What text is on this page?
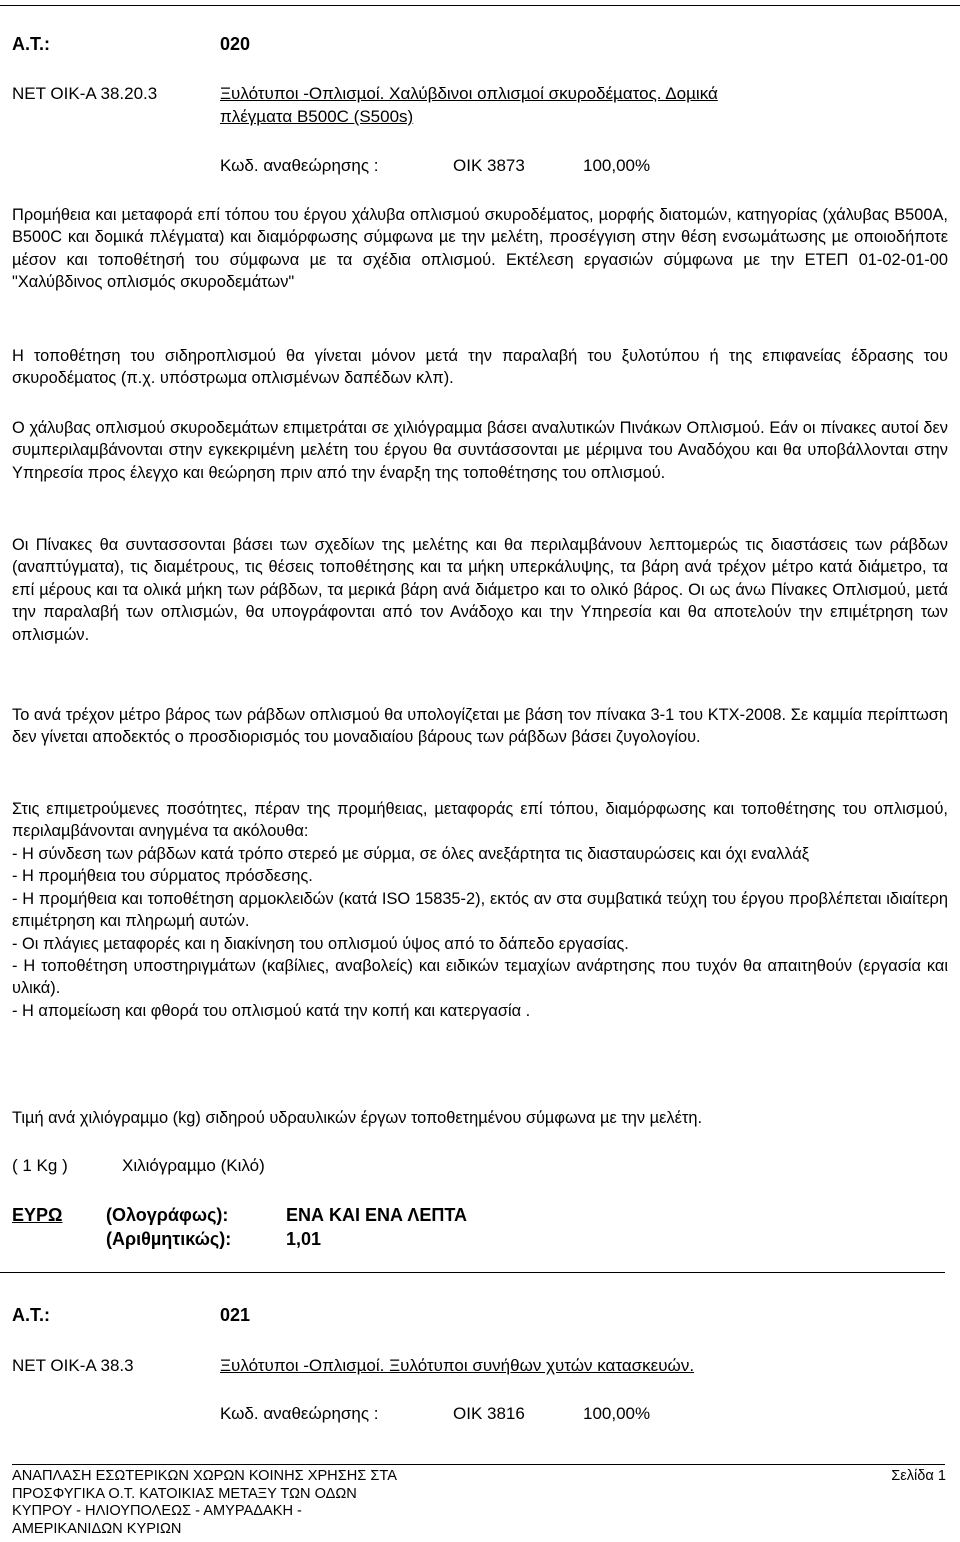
Α.Τ.:	020
ΝΕΤ ΟΙΚ-Α 38.20.3	Ξυλότυποι -Οπλισµοί. Χαλύβδινοι οπλισµοί σκυροδέµατος. Δοµικά
πλέγµατα Β500C (S500s)
Κωδ. αναθεώρησης :	ΟΙΚ 3873	100,00%

Προµήθεια και µεταφορά επί τόπου του έργου χάλυβα οπλισµού σκυροδέµατος, µορφής διατοµών, κατηγορίας (χάλυβας B500A, B500C και δοµικά πλέγµατα) και διαµόρφωσης σύµφωνα µε την µελέτη, προσέγγιση στην θέση ενσωµάτωσης µε οποιοδήποτε µέσον και τοποθέτησή του σύµφωνα µε τα σχέδια οπλισµού. Εκτέλεση εργασιών σύµφωνα µε την ΕΤΕΠ 01-02-01-00 "Χαλύβδινος οπλισµός σκυροδεµάτων"

Η τοποθέτηση του σιδηροπλισµού θα γίνεται µόνον µετά την παραλαβή του ξυλοτύπου ή της επιφανείας έδρασης του σκυροδέµατος (π.χ. υπόστρωµα οπλισµένων δαπέδων κλπ).

Ο χάλυβας οπλισµού σκυροδεµάτων επιµετράται σε χιλιόγραµµα βάσει αναλυτικών Πινάκων Οπλισµού. Εάν οι πίνακες αυτοί δεν συµπεριλαµβάνονται στην εγκεκριµένη µελέτη του έργου θα συντάσσονται µε µέριµνα του Αναδόχου και θα υποβάλλονται στην Υπηρεσία προς έλεγχο και θεώρηση πριν από την έναρξη της τοποθέτησης του οπλισµού.

Οι Πίνακες θα συντασσονται βάσει των σχεδίων της µελέτης και θα περιλαµβάνουν λεπτοµερώς τις διαστάσεις των ράβδων (αναπτύγµατα), τις διαµέτρους, τις θέσεις τοποθέτησης και τα µήκη υπερκάλυψης, τα βάρη ανά τρέχον µέτρο κατά διάµετρο, τα επί µέρους και τα ολικά µήκη των ράβδων, τα µερικά βάρη ανά διάµετρο και το ολικό βάρος. Οι ως άνω Πίνακες Οπλισµού, µετά την παραλαβή των οπλισµών, θα υπογράφονται από τον Ανάδοχο και την Υπηρεσία και θα αποτελούν την επιµέτρηση των οπλισµών.

Το ανά τρέχον µέτρο βάρος των ράβδων οπλισµού θα υπολογίζεται µε βάση τον πίνακα 3-1 του ΚΤΧ-2008. Σε καµµία περίπτωση δεν γίνεται αποδεκτός ο προσδιορισµός του µοναδιαίου βάρους των ράβδων βάσει ζυγολογίου.

Στις επιµετρούµενες ποσότητες, πέραν της προµήθειας, µεταφοράς επί τόπου, διαµόρφωσης και τοποθέτησης του οπλισµού, περιλαµβάνονται ανηγµένα τα ακόλουθα:

- Η σύνδεση των ράβδων κατά τρόπο στερεό µε σύρµα, σε όλες ανεξάρτητα τις διασταυρώσεις και όχι εναλλάξ
- Η προµήθεια του σύρµατος πρόσδεσης.
- Η προµήθεια και τοποθέτηση αρµοκλειδών (κατά ISO 15835-2), εκτός αν στα συµβατικά τεύχη του έργου προβλέπεται ιδιαίτερη επιµέτρηση και πληρωµή αυτών.
- Οι πλάγιες µεταφορές και η διακίνηση του οπλισµού ύψος από το δάπεδο εργασίας.
- Η τοποθέτηση υποστηριγµάτων (καβίλιες, αναβολείς) και ειδικών τεµαχίων ανάρτησης που τυχόν θα απαιτηθούν (εργασία και υλικά).
- Η αποµείωση και φθορά του οπλισµού κατά την κοπή και κατεργασία .

Τιµή ανά χιλιόγραµµο (kg) σιδηρού υδραυλικών έργων τοποθετηµένου σύµφωνα µε την µελέτη.

( 1 Kg )	Χιλιόγραµµο (Κιλό)
ΕΥΡΩ (Ολογράφως):	ΕΝΑ ΚΑΙ ΕΝΑ ΛΕΠΤΑ
(Αριθµητικώς):	1,01
Α.Τ.:	021
ΝΕΤ ΟΙΚ-Α 38.3	Ξυλότυποι -Οπλισµοί. Ξυλότυποι συνήθων χυτών κατασκευών.
Κωδ. αναθεώρησης :	ΟΙΚ 3816	100,00%
ΑΝΑΠΛΑΣΗ ΕΣΩΤΕΡΙΚΩΝ ΧΩΡΩΝ ΚΟΙΝΗΣ ΧΡΗΣΗΣ ΣΤΑ
ΠΡΟΣΦΥΓΙΚΑ Ο.Τ. ΚΑΤΟΙΚΙΑΣ ΜΕΤΑΞΥ ΤΩΝ ΟΔΩΝ
ΚΥΠΡΟΥ - ΗΛΙΟΥΠΟΛΕΩΣ - ΑΜΥΡΑΔΑΚΗ -
ΑΜΕΡΙΚΑΝΙΔΩΝ ΚΥΡΙΩΝ
Σελίδα 1
